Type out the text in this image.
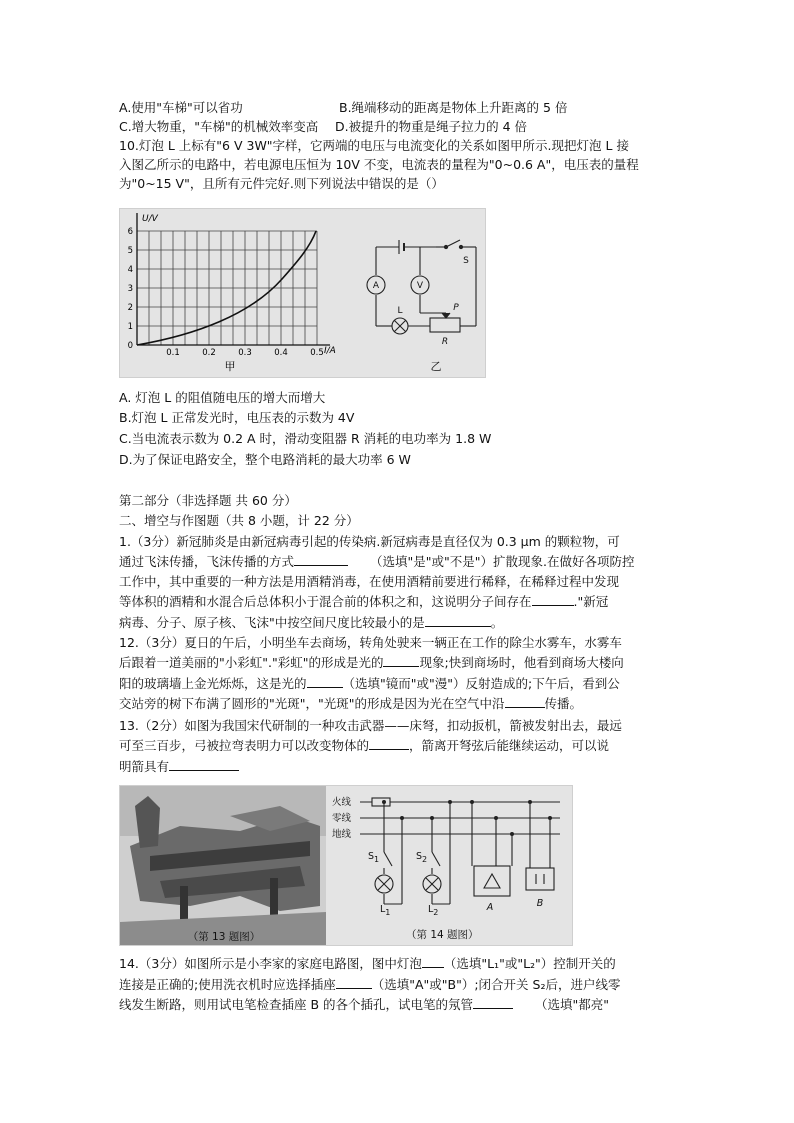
A.使用"车梯"可以省功	B.绳端移动的距离是物体上升距离的 5 倍
C.增大物重，"车梯"的机械效率变高 D.被提升的物重是绳子拉力的 4 倍
10.灯泡 L 上标有"6 V 3W"字样，它两端的电压与电流变化的关系如图甲所示.现把灯泡 L 接
入图乙所示的电路中，若电源电压恒为 10V 不变，电流表的量程为"0~0.6 A"，电压表的量程
为"0~15 V"，且所有元件完好.则下列说法中错误的是（）
U/V
I/A
6
5
4
3
2
1
0
0.1	0.2	0.3	0.4	0.5
甲
A	V
S
L	P
R
乙
A. 灯泡 L 的阻值随电压的增大而增大
B.灯泡 L 正常发光时，电压表的示数为 4V
C.当电流表示数为 0.2 A 时，滑动变阻器 R 消耗的电功率为 1.8 W
D.为了保证电路安全，整个电路消耗的最大功率 6 W
第二部分（非选择题 共 60 分）
二、增空与作图题（共 8 小题，计 22 分）
1.（3分）新冠肺炎是由新冠病毒引起的传染病.新冠病毒是直径仅为 0.3 μm 的颗粒物，可
通过飞沫传播，飞沫传播的方式	（选填"是"或"不是"）扩散现象.在做好各项防控
工作中，其中重要的一种方法是用酒精消毒，在使用酒精前要进行稀释，在稀释过程中发现
等体积的酒精和水混合后总体积小于混合前的体积之和，这说明分子间存在	."新冠
病毒、分子、原子核、飞沫"中按空间尺度比较最小的是	。
12.（3分）夏日的午后，小明坐车去商场，转角处驶来一辆正在工作的除尘水雾车，水雾车
后跟着一道美丽的"小彩虹"."彩虹"的形成是光的	现象;快到商场时，他看到商场大楼向
阳的玻璃墙上金光烁烁，这是光的	（选填"镜而"或"漫"）反射造成的;下午后，看到公
交站旁的树下布满了圆形的"光斑"，"光斑"的形成是因为光在空气中沿	传播。
13.（2分）如图为我国宋代研制的一种攻击武器——床弩，扣动扳机，箭被发射出去，最远
可至三百步，弓被拉弯表明力可以改变物体的	，箭离开弩弦后能继续运动，可以说
明箭具有
（第 13 题图）
火线
零线
地线
$S_1$	$S_2$
$L_1$	$L_2$	A	B
（第 14 题图）
14.（3分）如图所示是小李家的家庭电路图，图中灯泡 （选填"L₁"或"L₂"）控制开关的
连接是正确的;使用洗衣机时应选择插座	（选填"A"或"B"）;闭合开关 S₂后，进户线零
线发生断路，则用试电笔检查插座 B 的各个插孔，试电笔的氖管	（选填"都亮"
